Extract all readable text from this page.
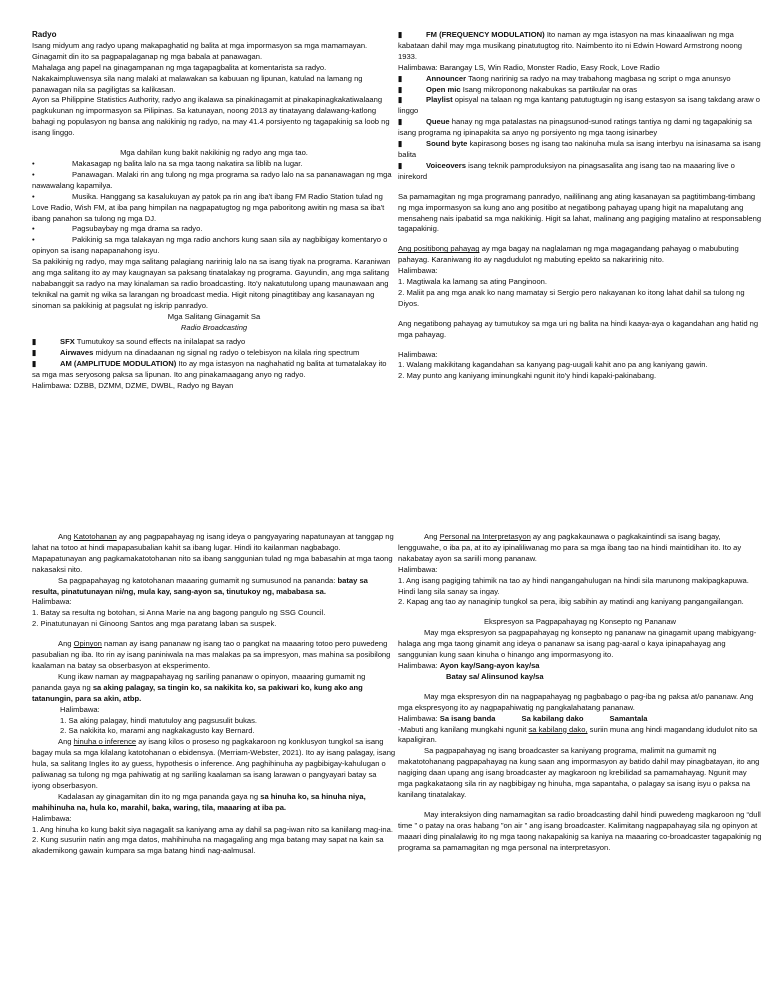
Radyo

Isang midyum ang radyo upang makapaghatid ng balita at mga impormasyon sa mga mamamayan. Ginagamit din ito sa pagpapalaganap ng mga babala at panawagan.

Mahalaga ang papel na ginagampanan ng mga tagapagbalita at komentarista sa radyo.

Nakakaimpluwensya sila nang malaki at malawakan sa kabuuan ng lipunan, katulad na lamang ng panawagan nila sa pagiligtas sa kalikasan.

Ayon sa Philippine Statistics Authority, radyo ang ikalawa sa pinakinagamit at pinakapinagkakatiwalaang pagkukunan ng impormasyon sa Pilipinas. Sa katunayan, noong 2013 ay tinatayang dalawang-katlong bahagi ng populasyon ng bansa ang nakikinig ng radyo, na may 41.4 porsiyento ng tagapakinig sa loob ng isang linggo.

Mga dahilan kung bakit nakikinig ng radyo ang mga tao.

•	Makasagap ng balita lalo na sa mga taong nakatira sa liblib na lugar.

•	Panawagan. Malaki rin ang tulong ng mga programa sa radyo lalo na sa pananawagan ng mga nawawalang kapamilya.

•	Musika. Hanggang sa kasalukuyan ay patok pa rin ang iba't ibang FM Radio Station tulad ng Love Radio, Wish FM, at iba pang himpilan na nagpapatugtog ng mga paboritong awitin ng masa sa iba't ibang panahon sa tulong ng mga DJ.

•	Pagsubaybay ng mga drama sa radyo.

•	Pakikinig sa mga talakayan ng mga radio anchors kung saan sila ay nagbibigay komentaryo o opinyon sa isang napapanahong isyu.

Sa pakikinig ng radyo, may mga salitang palagiang naririnig lalo na sa isang tiyak na programa. Karaniwan ang mga salitang ito ay may kaugnayan sa paksang tinatalakay ng programa. Gayundin, ang mga salitang nababanggit sa radyo na may kinalaman sa radio broadcasting. Ito'y nakatutulong upang maunawaan ang teknikal na gamit ng wika sa larangan ng broadcast media. Higit nitong pinagtitibay ang kasanayan ng sinoman sa pakikinig at pagsulat ng iskrip panradyo.

Mga Salitang Ginagamit Sa

Radio Broadcasting

▮	SFX Tumutukoy sa sound effects na inilalapat sa radyo

▮	Airwaves midyum na dinadaanan ng signal ng radyo o telebisyon na kilala ring spectrum

▮	AM (AMPLITUDE MODULATION) Ito ay mga istasyon na naghahatid ng balita at tumatalakay ito sa mga mas seryosong paksa sa lipunan. Ito ang pinakamaagang anyo ng radyo.

Halimbawa: DZBB, DZMM, DZME, DWBL, Radyo ng Bayan

▮	FM (FREQUENCY MODULATION) Ito naman ay mga istasyon na mas kinaaaliwan ng mga kabataan dahil may mga musikang pinatutugtog rito. Naimbento ito ni Edwin Howard Armstrong noong 1933.

Halimbawa: Barangay LS, Win Radio, Monster Radio, Easy Rock, Love Radio

▮	Announcer Taong naririnig sa radyo na may trabahong magbasa ng script o mga anunsyo

▮	Open mic Isang mikroponong nakabukas sa partikular na oras

▮	Playlist opisyal na talaan ng mga kantang patutugtugin ng isang estasyon sa isang takdang araw o linggo

▮	Queue hanay ng mga patalastas na pinagsunod-sunod ratings tantiya ng dami ng tagapakinig sa isang programa ng ipinapakita sa anyo ng porsiyento ng mga taong isinarbey

▮	Sound byte kapirasong boses ng isang tao nakinuha mula sa isang interbyu na isinasama sa isang balita

▮	Voiceovers isang teknik pamproduksiyon na pinagsasalita ang isang tao na maaaring live o inirekord

Sa pamamagitan ng mga programang panradyo, naililinang ang ating kasanayan sa pagtitimbang-timbang ng mga impormasyon sa kung ano ang positibo at negatibong pahayag upang higit na mapalutang ang mensaheng nais ipabatid sa mga nakikinig. Higit sa lahat, malinang ang pagiging matalino at responsableng tagapakinig.

Ang positibong pahayag ay mga bagay na naglalaman ng mga magagandang pahayag o mabubuting pahayag. Karaniwang ito ay nagdudulot ng mabuting epekto sa nakaririnig nito.

Halimbawa:

1. Magtiwala ka lamang sa ating Panginoon.

2. Maliit pa ang mga anak ko nang mamatay si Sergio pero nakayanan ko itong lahat dahil sa tulong ng Diyos.

Ang negatibong pahayag ay tumutukoy sa mga uri ng balita na hindi kaaya-aya o kagandahan ang hatid ng mga pahayag.

Halimbawa:

1. Walang makikitang kagandahan sa kanyang pag-uugali kahit ano pa ang kaniyang gawin.

2. May punto ang kaniyang iminungkahi ngunit ito'y hindi kapaki-pakinabang.

Ang Katotohanan ay ang pagpapahayag ng isang ideya o pangyayaring napatunayan at tanggap ng lahat na totoo at hindi mapapasubalian kahit sa ibang lugar. Hindi ito kailanman nagbabago. Mapapatunayan ang pagkamakatotohanan nito sa ibang sanggunian tulad ng mga babasahin at mga taong nakasaksi nito.

Sa pagpapahayag ng katotohanan maaaring gumamit ng sumusunod na pananda: batay sa resulta, pinatutunayan ni/ng, mula kay, sang-ayon sa, tinutukoy ng, mababasa sa.

Halimbawa:

1. Batay sa resulta ng botohan, si Anna Marie na ang bagong pangulo ng SSG Council.

2. Pinatutunayan ni Ginoong Santos ang mga paratang laban sa suspek.

Ang Opinyon naman ay isang pananaw ng isang tao o pangkat na maaaring totoo pero puwedeng pasubalian ng iba. Ito rin ay isang paniniwala na mas malakas pa sa impresyon, mas mahina sa posibilong kaalaman na batay sa obserbasyon at eksperimento.

Kung ikaw naman ay magpapahayag ng sariling pananaw o opinyon, maaaring gumamit ng pananda gaya ng sa aking palagay, sa tingin ko, sa nakikita ko, sa pakiwari ko, kung ako ang tatanungin, para sa akin, atbp.

Halimbawa:

1. Sa aking palagay, hindi matutuloy ang pagsusulit bukas.

2. Sa nakikita ko, marami ang nagkakagusto kay Bernard.

Ang hinuha o inference ay isang kilos o proseso ng pagkakaroon ng konklusyon tungkol sa isang bagay mula sa mga kilalang katotohanan o ebidensya. (Merriam-Webster, 2021). Ito ay isang palagay, isang hula, sa salitang Ingles ito ay guess, hypothesis o inference. Ang paghihinuha ay pagbibigay-kahulugan o paliwanag sa tulong ng mga pahiwatig at ng sariling kaalaman sa isang larawan o pangyayari batay sa iyong obserbasyon.

Kadalasan ay ginagamitan din ito ng mga pananda gaya ng sa hinuha ko, sa hinuha niya, mahihinuha na, hula ko, marahil, baka, waring, tila, maaaring at iba pa.

Halimbawa:

1. Ang hinuha ko kung bakit siya nagagalit sa kaniyang ama ay dahil sa pag-iwan nito sa kaniilang mag-ina.

2. Kung susuriin natin ang mga datos, mahihinuha na magagaling ang mga batang may sapat na kain sa akademikong gawain kumpara sa mga batang hindi nag-aalmusal.

Ang Personal na Interpretasyon ay ang pagkakaunawa o pagkakaintindi sa isang bagay, lengguwahe, o iba pa, at ito ay ipinaliliwanag mo para sa mga ibang tao na hindi maintidihan ito. Ito ay nakabatay ayon sa sariili mong pananaw.

Halimbawa:

1. Ang isang pagiging tahimik na tao ay hindi nangangahulugan na hindi sila marunong makipagkapuwa. Hindi lang sila sanay sa ingay.

2. Kapag ang tao ay nanaginip tungkol sa pera, ibig sabihin ay matindi ang kaniyang pangangailangan.

Ekspresyon sa Pagpapahayag ng Konsepto ng Pananaw

May mga ekspresyon sa pagpapahayag ng konsepto ng pananaw na ginagamit upang mabigyang-halaga ang mga taong ginamit ang ideya o pananaw sa isang pag-aaral o kaya ipinapahayag ang sanggunian kung saan kinuha o hinango ang impormasyong ito.

Halimbawa: Ayon kay/Sang-ayon kay/sa

Batay sa/ Alinsunod kay/sa

May mga ekspresyon din na nagpapahayag ng pagbabago o pag-iba ng paksa at/o pananaw. Ang mga ekspresyong ito ay nagpapahiwatig ng pangkalahatang pananaw.

Halimbawa: Sa isang banda	Sa kabilang dako	Samantala

-Mabuti ang kanilang mungkahi ngunit sa kabilang dako, suriin muna ang hindi magandang idudulot nito sa kapaligiran.

Sa pagpapahayag ng isang broadcaster sa kaniyang programa, malimit na gumamit ng makatotohanang pagpapahayag na kung saan ang impormasyon ay batido dahil may pinagbatayan, ito ang nagiging daan upang ang isang broadcaster ay magkaroon ng krebilidad sa pamamahayag. Ngunit may mga pagkakataong sila rin ay nagbibigay ng hinuha, mga sapantaha, o palagay sa isang isyu o paksa na kanilang tinatalakay.

May interaksiyon ding namamagitan sa radio broadcasting dahil hindi puwedeng magkaroon ng “dull time ” o patay na oras habang ”on air ” ang isang broadcaster. Kalimitang nagpapahayag sila ng opinyon at maaari ding pinalalawig ito ng mga taong nakapakinig sa kaniya na maaaring co-broadcaster tagapakinig ng programa sa pamamagitan ng mga personal na interpretasyon.
